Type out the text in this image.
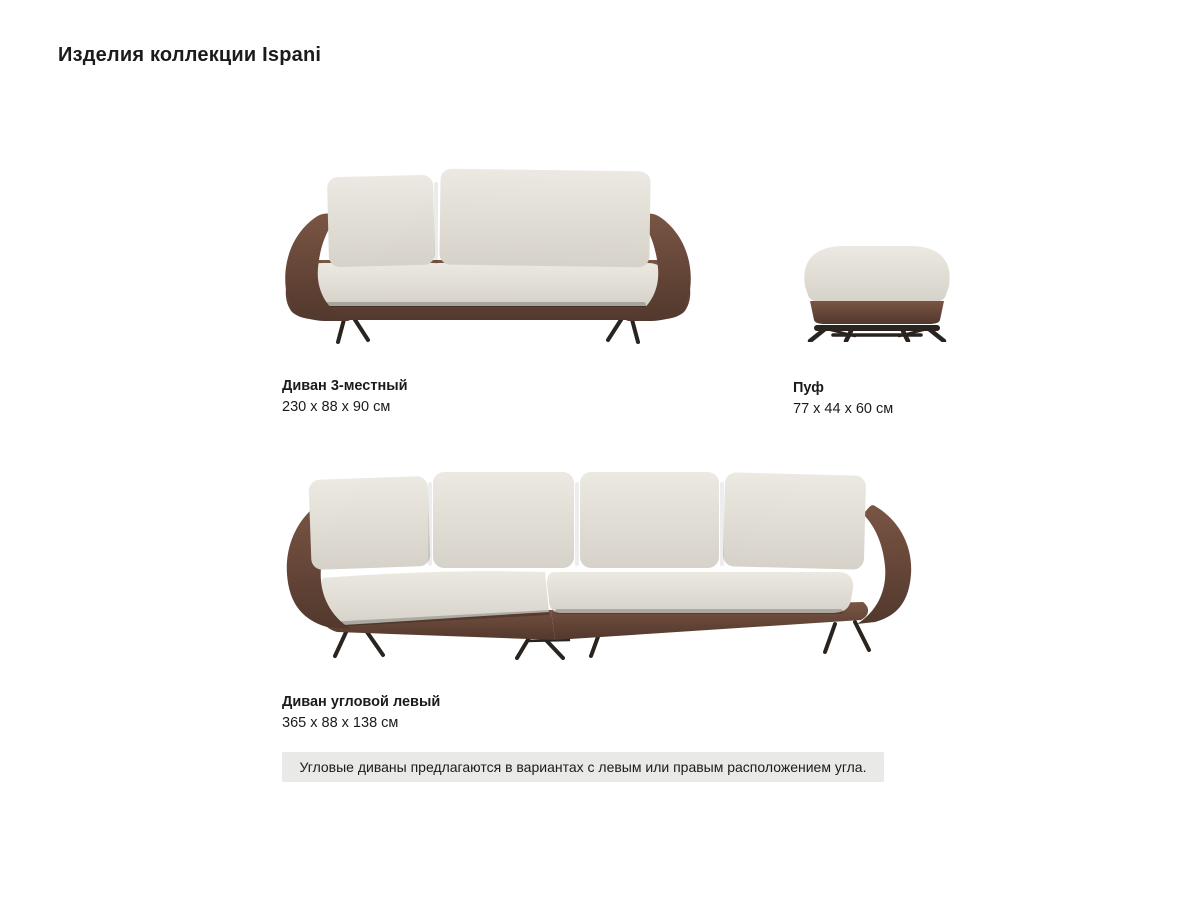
Изделия коллекции Ispani
Диван 3-местный
230 x 88 x 90 см
Пуф
77 x 44 x 60 см
Диван угловой левый
365 x 88 x 138 см
Угловые диваны предлагаются в вариантах с левым или правым расположением угла.
